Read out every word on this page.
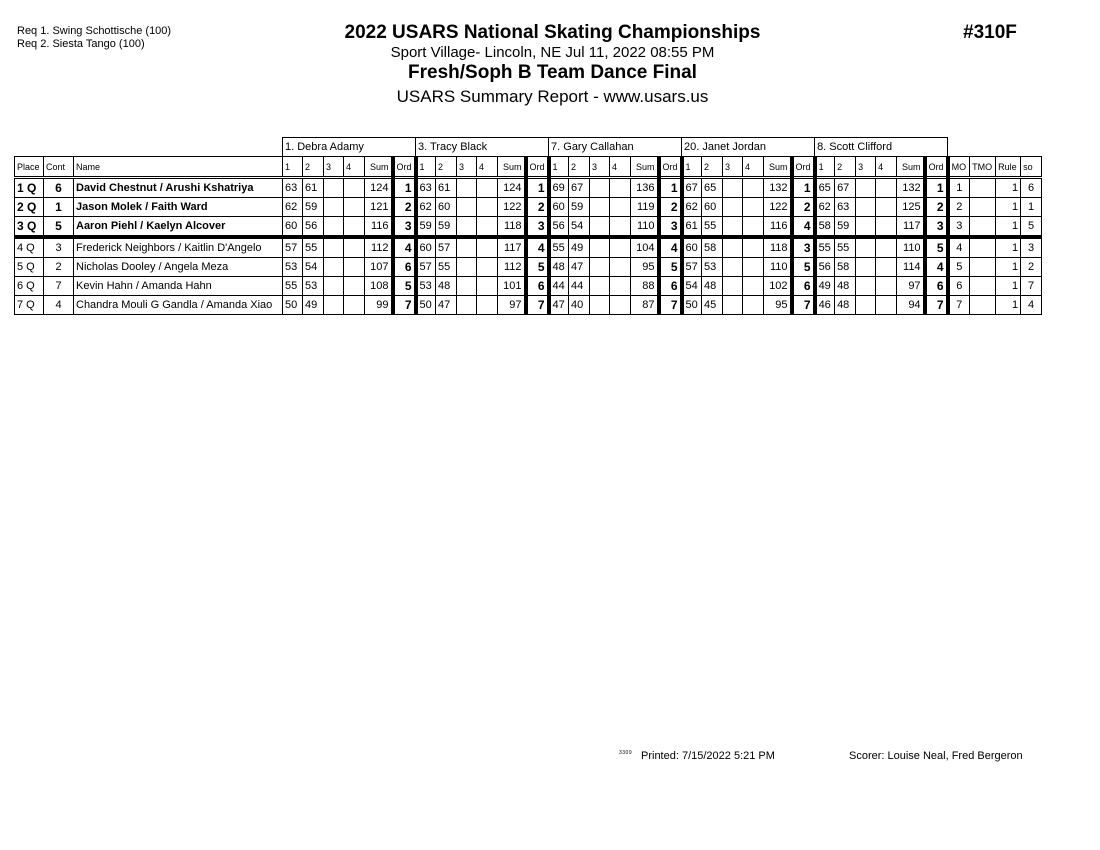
Req 1. Swing Schottische (100)
Req 2. Siesta Tango (100)
2022 USARS National Skating Championships
Sport Village- Lincoln, NE Jul 11, 2022 08:55 PM
Fresh/Soph B Team Dance Final
USARS Summary Report - www.usars.us
#310F
			1. Debra Adamy						3. Tracy Black						7. Gary Callahan						20. Janet Jordan						8. Scott Clifford									
Place	Cont	Name	1	2	3	4	Sum	Ord	1	2	3	4	Sum	Ord	1	2	3	4	Sum	Ord	1	2	3	4	Sum	Ord	1	2	3	4	Sum	Ord	MO	TMO	Rule	so
1 Q	6	David Chestnut / Arushi Kshatriya	63	61			124	1	63	61			124	1	69	67			136	1	67	65			132	1	65	67			132	1	1		1	6
2 Q	1	Jason Molek / Faith Ward	62	59			121	2	62	60			122	2	60	59			119	2	62	60			122	2	62	63			125	2	2		1	1
3 Q	5	Aaron Piehl / Kaelyn Alcover	60	56			116	3	59	59			118	3	56	54			110	3	61	55			116	4	58	59			117	3	3		1	5
4 Q	3	Frederick Neighbors / Kaitlin D'Angelo	57	55			112	4	60	57			117	4	55	49			104	4	60	58			118	3	55	55			110	5	4		1	3
5 Q	2	Nicholas Dooley / Angela Meza	53	54			107	6	57	55			112	5	48	47			95	5	57	53			110	5	56	58			114	4	5		1	2
6 Q	7	Kevin Hahn / Amanda Hahn	55	53			108	5	53	48			101	6	44	44			88	6	54	48			102	6	49	48			97	6	6		1	7
7 Q	4	Chandra Mouli G Gandla / Amanda Xiao	50	49			99	7	50	47			97	7	47	40			87	7	50	45			95	7	46	48			94	7	7		1	4
3309 Printed: 7/15/2022 5:21 PM	Scorer: Louise Neal, Fred Bergeron
